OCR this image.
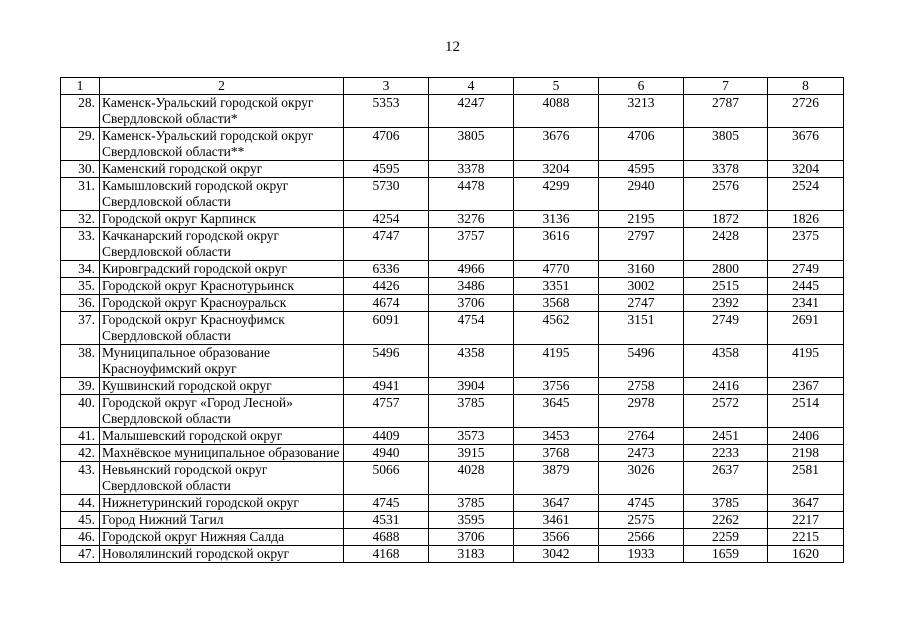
12
1	2	3	4	5	6	7	8
28.	Каменск-Уральский городской округ Свердловской области*	5353	4247	4088	3213	2787	2726
29.	Каменск-Уральский городской округ Свердловской области**	4706	3805	3676	4706	3805	3676
30.	Каменский городской округ	4595	3378	3204	4595	3378	3204
31.	Камышловский городской округ Свердловской области	5730	4478	4299	2940	2576	2524
32.	Городской округ Карпинск	4254	3276	3136	2195	1872	1826
33.	Качканарский городской округ Свердловской области	4747	3757	3616	2797	2428	2375
34.	Кировградский городской округ	6336	4966	4770	3160	2800	2749
35.	Городской округ Краснотурьинск	4426	3486	3351	3002	2515	2445
36.	Городской округ Красноуральск	4674	3706	3568	2747	2392	2341
37.	Городской округ Красноуфимск Свердловской области	6091	4754	4562	3151	2749	2691
38.	Муниципальное образование Красноуфимский округ	5496	4358	4195	5496	4358	4195
39.	Кушвинский городской округ	4941	3904	3756	2758	2416	2367
40.	Городской округ «Город Лесной» Свердловской области	4757	3785	3645	2978	2572	2514
41.	Малышевский городской округ	4409	3573	3453	2764	2451	2406
42.	Махнёвское муниципальное образование	4940	3915	3768	2473	2233	2198
43.	Невьянский городской округ Свердловской области	5066	4028	3879	3026	2637	2581
44.	Нижнетуринский городской округ	4745	3785	3647	4745	3785	3647
45.	Город Нижний Тагил	4531	3595	3461	2575	2262	2217
46.	Городской округ Нижняя Салда	4688	3706	3566	2566	2259	2215
47.	Новолялинский городской округ	4168	3183	3042	1933	1659	1620
